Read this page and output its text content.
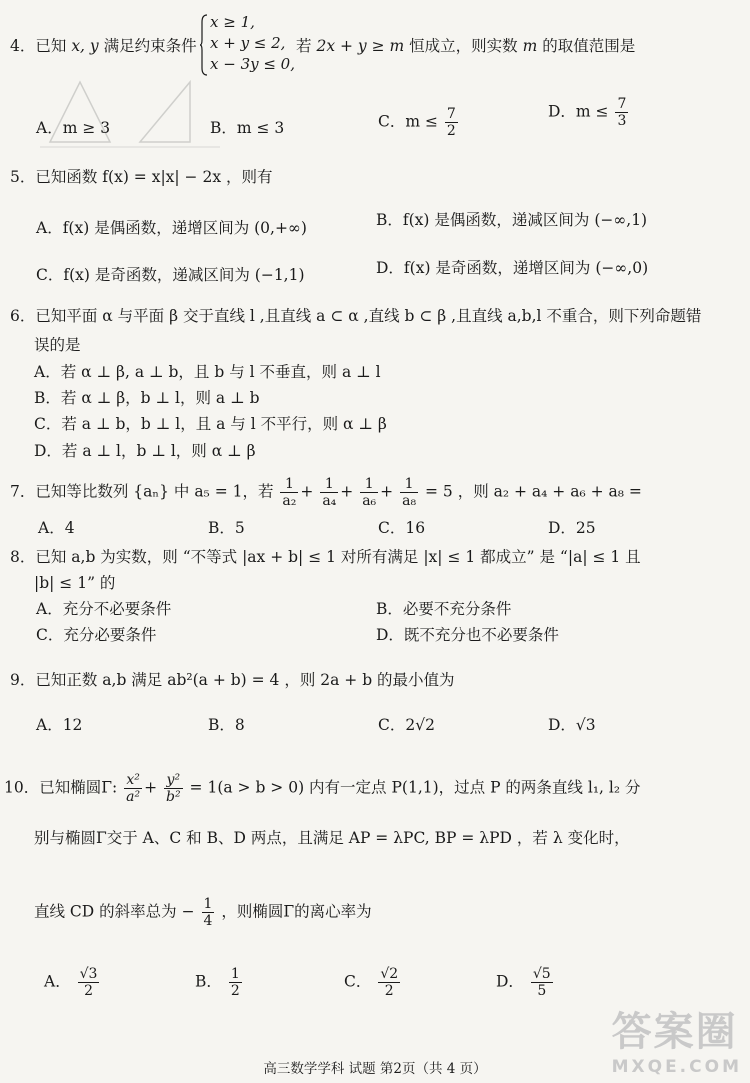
4．已知 x, y 满足约束条件
x ≥ 1,
x + y ≤ 2,
x − 3y ≤ 0,
若 2x + y ≥ m 恒成立，则实数 m 的取值范围是
A．m ≥ 3	B．m ≤ 3	C．$m \le \frac{7}{2}$	D．$m \le \frac{7}{3}$
5．已知函数 f(x) = x|x| − 2x ，则有
A．f(x) 是偶函数，递增区间为 (0,+∞)	B．f(x) 是偶函数，递减区间为 (−∞,1)
C．f(x) 是奇函数，递减区间为 (−1,1)	D．f(x) 是奇函数，递增区间为 (−∞,0)
6．已知平面 α 与平面 β 交于直线 l ,且直线 a ⊂ α ,直线 b ⊂ β ,且直线 a,b,l 不重合，则下列命题错
误的是
A．若 α ⊥ β, a ⊥ b，且 b 与 l 不垂直，则 a ⊥ l
B．若 α ⊥ β，b ⊥ l，则 a ⊥ b
C．若 a ⊥ b，b ⊥ l，且 a 与 l 不平行，则 α ⊥ β
D．若 a ⊥ l，b ⊥ l，则 α ⊥ β
7．已知等比数列 {aₙ} 中 a₅ = 1，若 $\frac{1}{\text{a₂}} + \frac{1}{\text{a₄}} + \frac{1}{\text{a₆}} + \frac{1}{\text{a₈}} = 5$ ，则 a₂ + a₄ + a₆ + a₈ =
A．4	B．5	C．16	D．25
8．已知 a,b 为实数，则 “不等式 |ax + b| ≤ 1 对所有满足 |x| ≤ 1 都成立” 是 “|a| ≤ 1 且
|b| ≤ 1” 的
A．充分不必要条件	B．必要不充分条件
C．充分必要条件	D．既不充分也不必要条件
9．已知正数 a,b 满足 ab²(a + b) = 4 ，则 2a + b 的最小值为
A．12	B．8	C．2√2	D．√3
10．已知椭圆Γ: $\frac{\text{x²}}{\text{a²}} + \frac{\text{y²}}{\text{b²}} = 1(a > b > 0)$ 内有一定点 P(1,1)，过点 P 的两条直线 l₁, l₂ 分
别与椭圆Γ交于 A、C 和 B、D 两点，且满足 AP = λPC, BP = λPD ，若 λ 变化时，
直线 CD 的斜率总为 − $\frac{1}{4}$ ，则椭圆Γ的离心率为
A． $\frac{√3}{2}$	B． $\frac{1}{2}$	C． $\frac{√2}{2}$	D． $\frac{√5}{5}$
高三数学学科 试题 第2页（共 4 页）
答案圈
MXQE.COM
